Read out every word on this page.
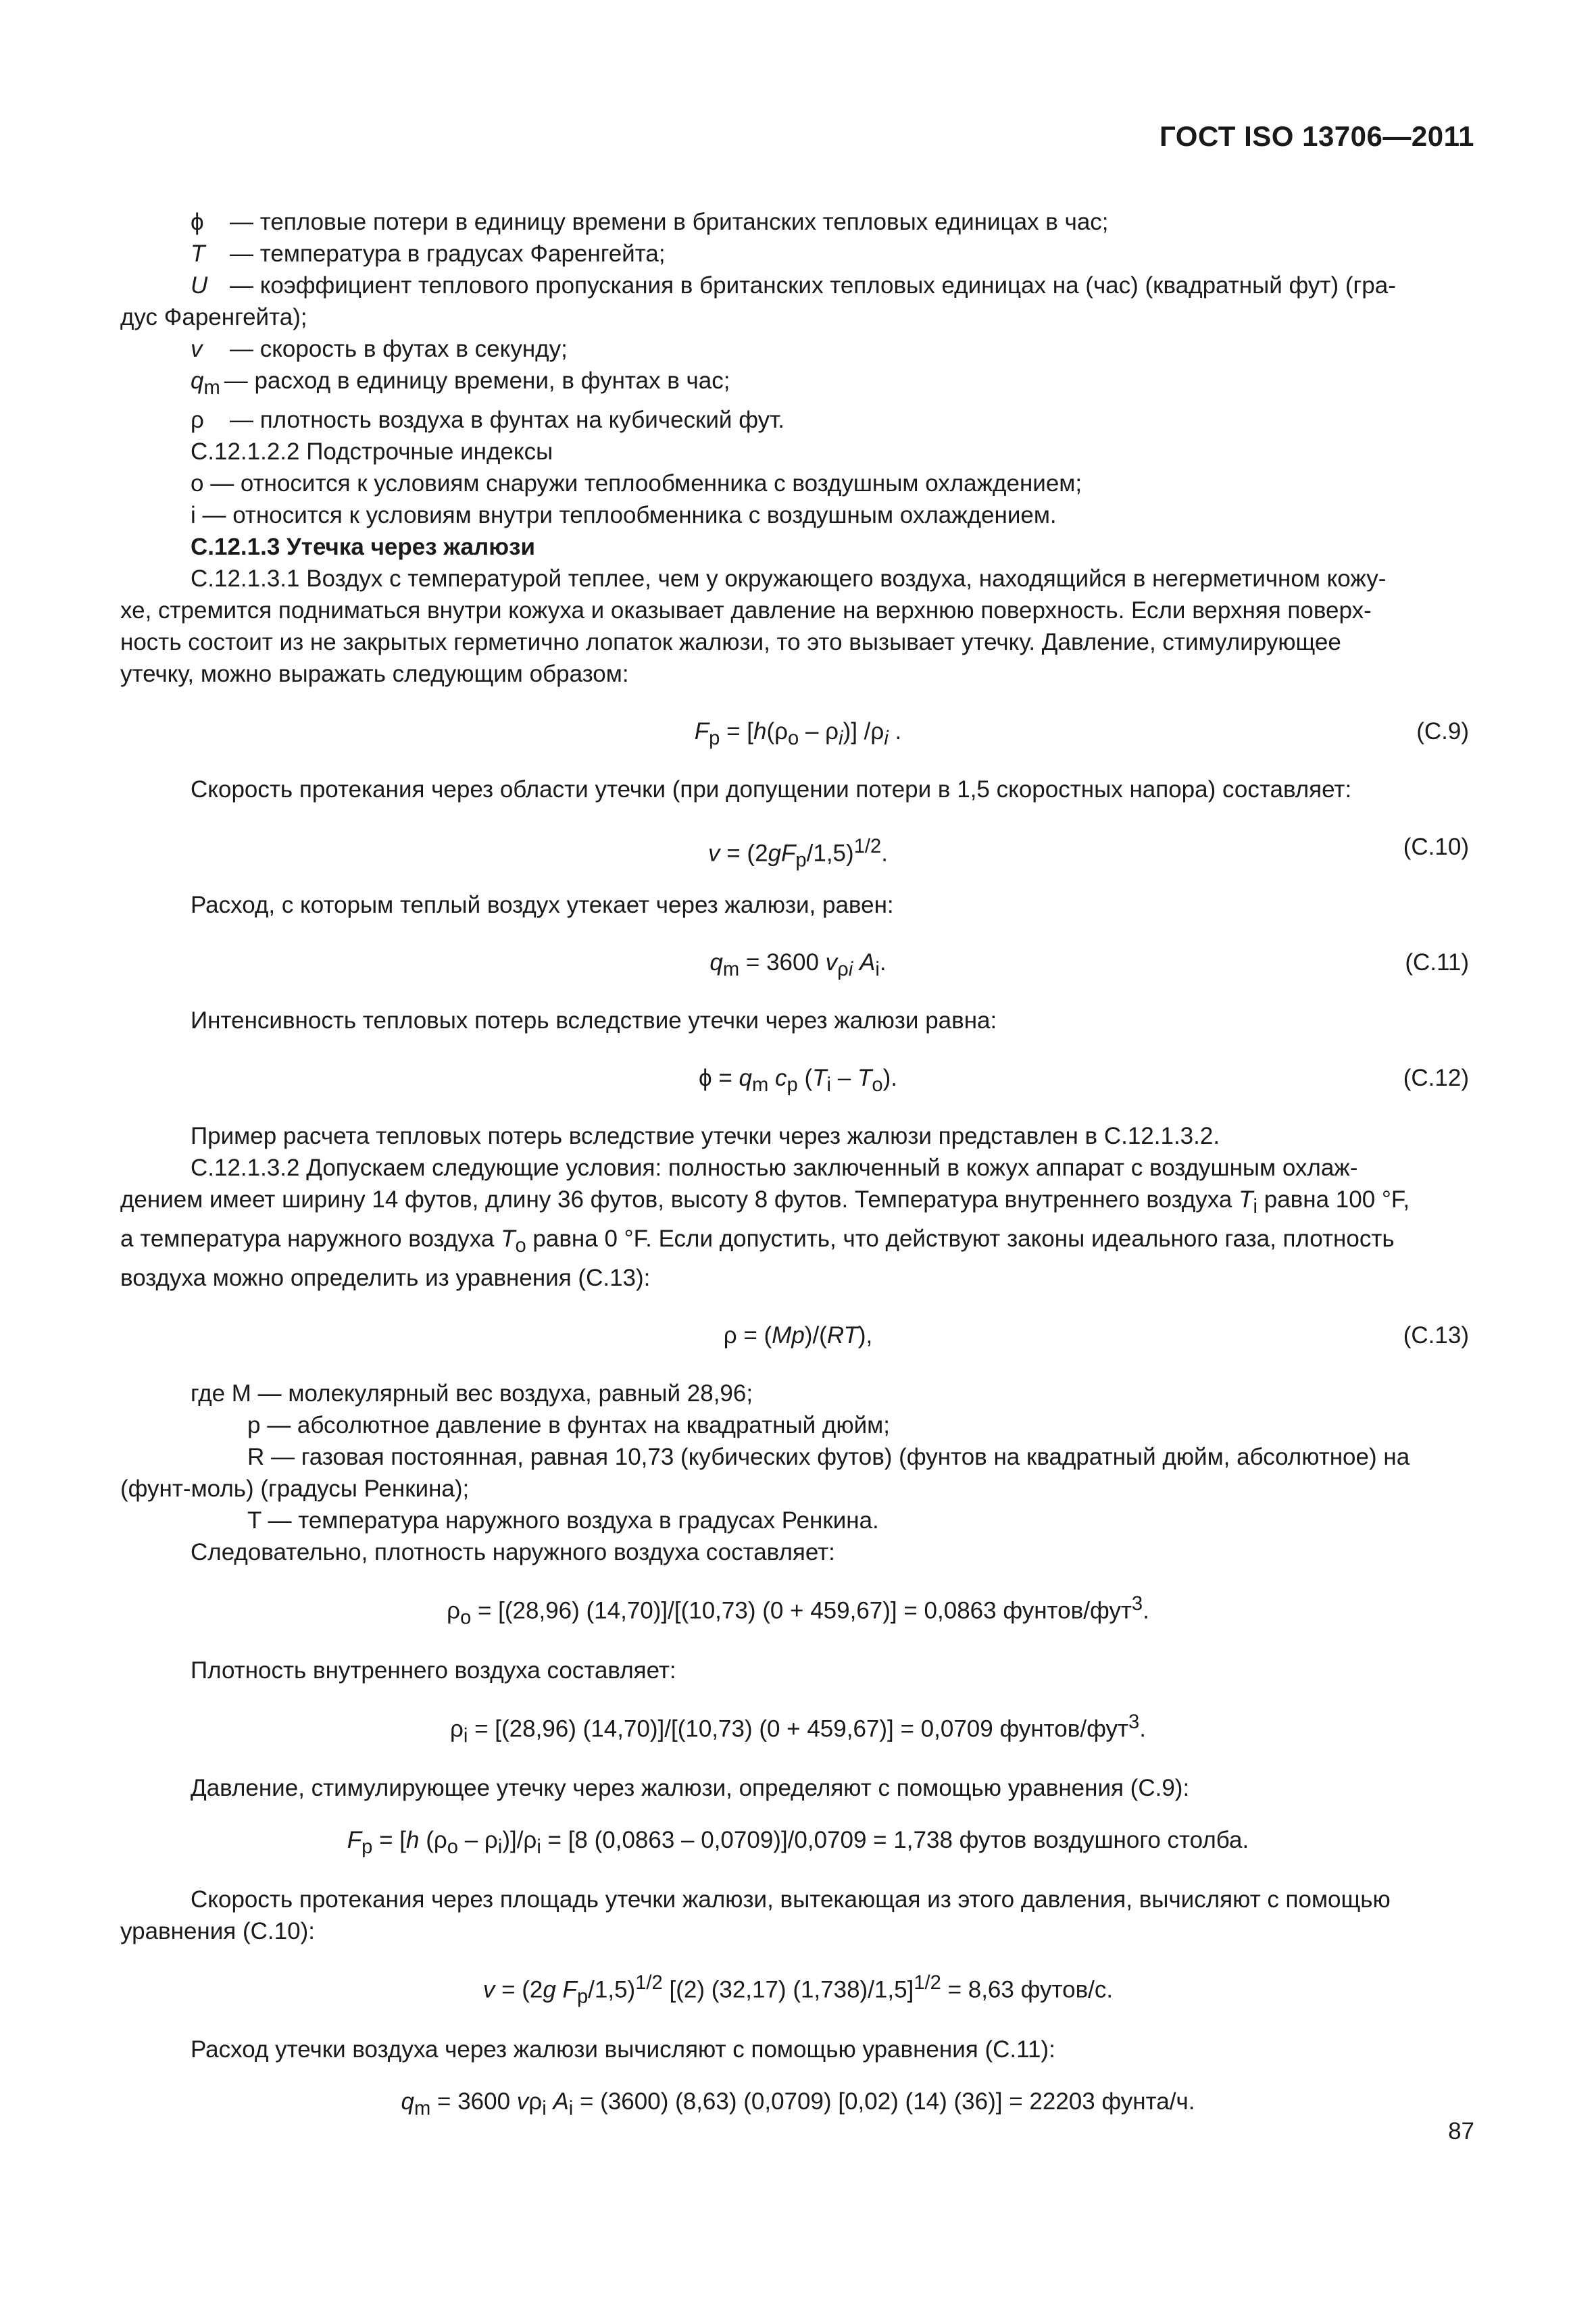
ГОСТ ISO 13706—2011
ϕ — тепловые потери в единицу времени в британских тепловых единицах в час;
T — температура в градусах Фаренгейта;
U — коэффициент теплового пропускания в британских тепловых единицах на (час) (квадратный фут) (гра-
дус Фаренгейта);
v — скорость в футах в секунду;
$q_m$ — расход в единицу времени, в фунтах в час;
ρ — плотность воздуха в фунтах на кубический фут.
С.12.1.2.2 Подстрочные индексы
о — относится к условиям снаружи теплообменника с воздушным охлаждением;
i — относится к условиям внутри теплообменника с воздушным охлаждением.
С.12.1.3 Утечка через жалюзи
С.12.1.3.1 Воздух с температурой теплее, чем у окружающего воздуха, находящийся в негерметичном кожу-
хе, стремится подниматься внутри кожуха и оказывает давление на верхнюю поверхность. Если верхняя поверх-
ность состоит из не закрытых герметично лопаток жалюзи, то это вызывает утечку. Давление, стимулирующее
утечку, можно выражать следующим образом:
$F_p = [h(\rho_o - \rho_i)]$ $/\rho_i$ .	(С.9)
Скорость протекания через области утечки (при допущении потери в 1,5 скоростных напора) составляет:
$v = (2gF_p/1,5)^{1/2}$.	(С.10)
Расход, с которым теплый воздух утекает через жалюзи, равен:
$q_m = 3600$ $v_{\rho i}$ $A_i$.	(С.11)
Интенсивность тепловых потерь вследствие утечки через жалюзи равна:
$\phi = q_m$ $c_p$ $(T_i - T_o)$.	(С.12)
Пример расчета тепловых потерь вследствие утечки через жалюзи представлен в С.12.1.3.2.
С.12.1.3.2 Допускаем следующие условия: полностью заключенный в кожух аппарат с воздушным охлаж-
дением имеет ширину 14 футов, длину 36 футов, высоту 8 футов. Температура внутреннего воздуха $T_i$ равна 100 °F,
а температура наружного воздуха $T_o$ равна 0 °F. Если допустить, что действуют законы идеального газа, плотность
воздуха можно определить из уравнения (С.13):
ρ = (Mp)/(RT),	(С.13)
где M — молекулярный вес воздуха, равный 28,96;
p — абсолютное давление в фунтах на квадратный дюйм;
R — газовая постоянная, равная 10,73 (кубических футов) (фунтов на квадратный дюйм, абсолютное) на
(фунт-моль) (градусы Ренкина);
T — температура наружного воздуха в градусах Ренкина.
Следовательно, плотность наружного воздуха составляет:
$\rho_o = [(28,96)$ (14,70)]/[(10,73) (0 + 459,67)] = 0,0863 фунтов/фут$^3$.
Плотность внутреннего воздуха составляет:
$\rho_i = [(28,96)$ (14,70)]/[(10,73) (0 + 459,67)] = 0,0709 фунтов/фут$^3$.
Давление, стимулирующее утечку через жалюзи, определяют с помощью уравнения (С.9):
$F_p = [h$ $(\rho_o - \rho_i)]/\rho_i = [8$ (0,0863 – 0,0709)]/0,0709 = 1,738 футов воздушного столба.
Скорость протекания через площадь утечки жалюзи, вытекающая из этого давления, вычисляют с помощью
уравнения (С.10):
v = (2g $F_p/1,5)^{1/2}$ [(2) (32,17) (1,738)/1,5]$^{1/2}$ = 8,63 футов/с.
Расход утечки воздуха через жалюзи вычисляют с помощью уравнения (С.11):
$q_m = 3600$ $v\rho_i$ $A_i = (3600)$ (8,63) (0,0709) [0,02) (14) (36)] = 22203 фунта/ч.
87
